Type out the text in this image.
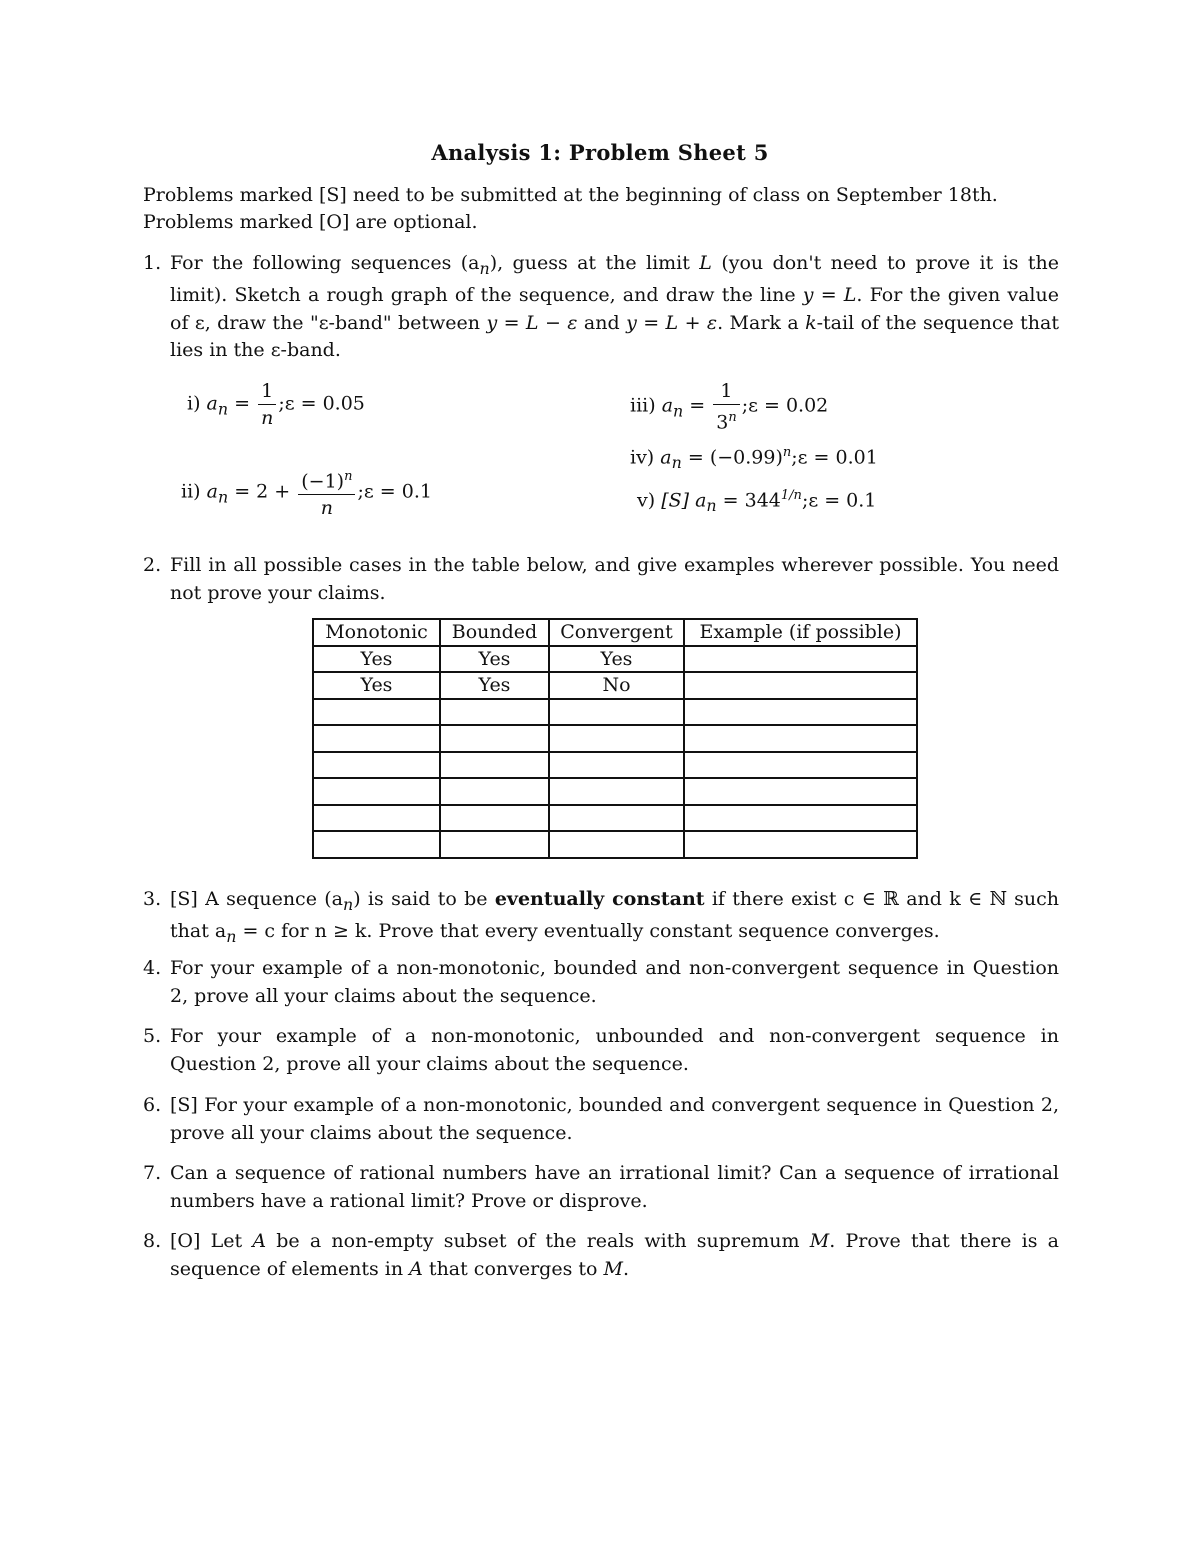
Analysis 1: Problem Sheet 5
Problems marked [S] need to be submitted at the beginning of class on September 18th.
Problems marked [O] are optional.
1. For the following sequences $(a_n)$, guess at the limit L (you don't need to prove it is the limit). Sketch a rough graph of the sequence, and draw the line y = L. For the given value of ε, draw the "ε-band" between y = L − ε and y = L + ε. Mark a k-tail of the sequence that lies in the ε-band.
i) $a_n = \frac{1}{n}$ ;ε = 0.05
ii) $a_n = 2 + \frac{(-1)^n}{n}$ ;ε = 0.1
iii) $a_n = \frac{1}{3^n}$ ;ε = 0.02
iv) $a_n$ = $(-0.99)^n;\varepsilon = 0.01$
v) [S] $a_n$ = $344^{1/n};\varepsilon = 0.1$
2. Fill in all possible cases in the table below, and give examples wherever possible. You need not prove your claims.
Monotonic	Bounded	Convergent	Example (if possible)
Yes	Yes	Yes	
Yes	Yes	No	

3. [S] A sequence $(a_n)$ is said to be eventually constant if there exist c ∈ ℝ and k ∈ ℕ such that $a_n = c$ for n ≥ k. Prove that every eventually constant sequence converges.
4. For your example of a non-monotonic, bounded and non-convergent sequence in Question 2, prove all your claims about the sequence.
5. For your example of a non-monotonic, unbounded and non-convergent sequence in Question 2, prove all your claims about the sequence.
6. [S] For your example of a non-monotonic, bounded and convergent sequence in Question 2, prove all your claims about the sequence.
7. Can a sequence of rational numbers have an irrational limit? Can a sequence of irrational numbers have a rational limit? Prove or disprove.
8. [O] Let A be a non-empty subset of the reals with supremum M. Prove that there is a sequence of elements in A that converges to M.
